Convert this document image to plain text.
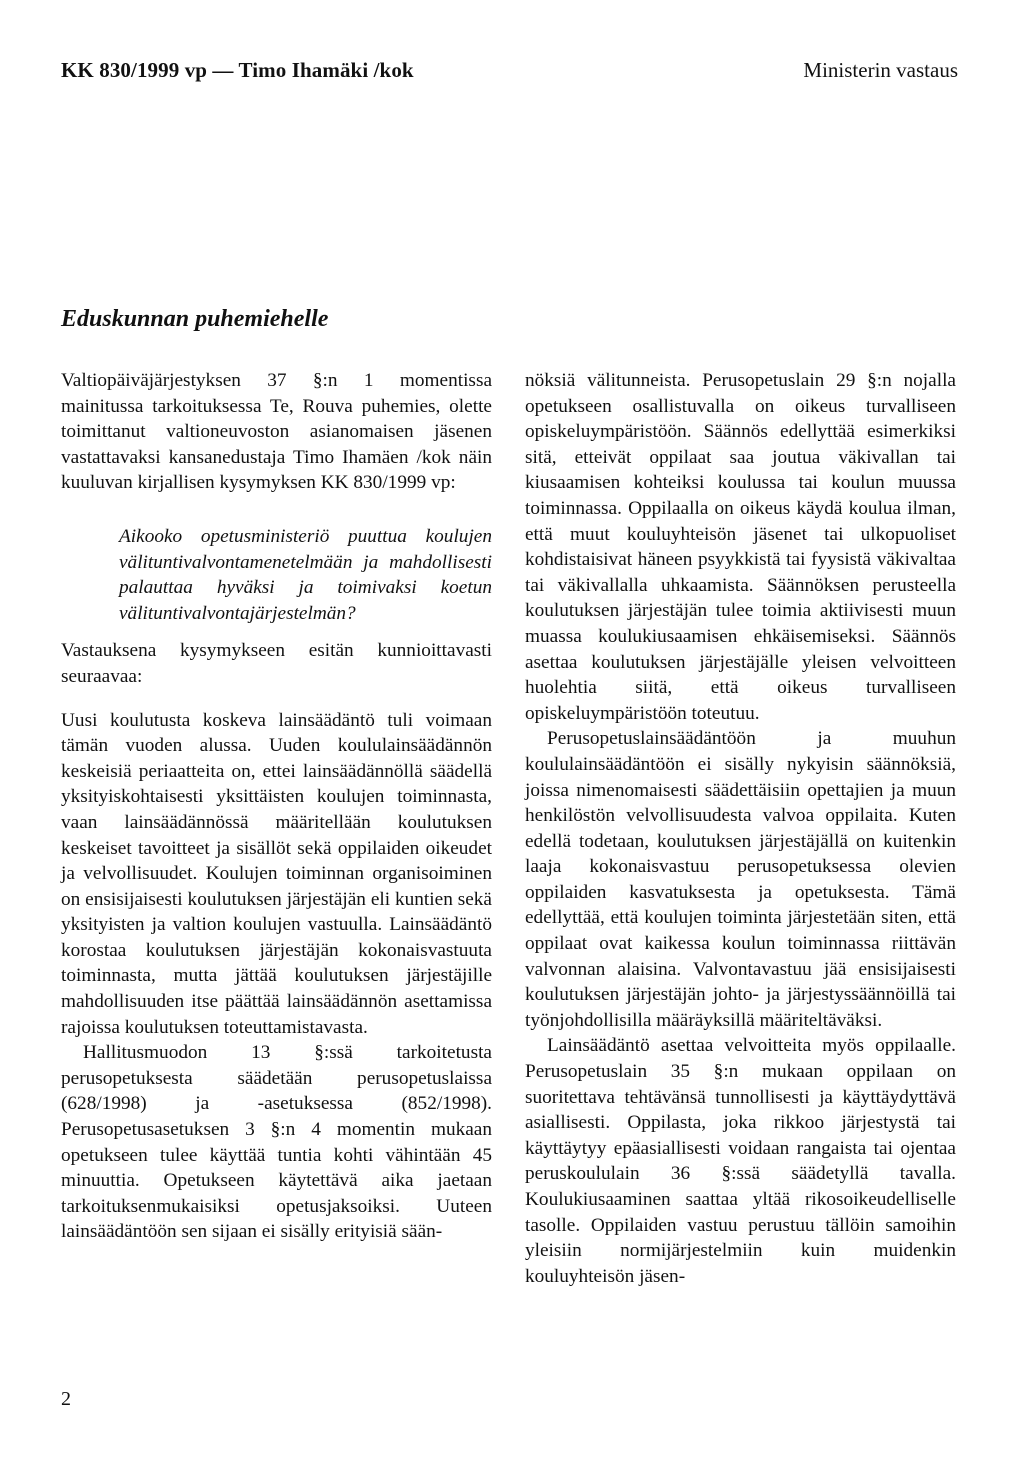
KK 830/1999 vp — Timo Ihamäki /kok	Ministerin vastaus
Eduskunnan puhemiehelle

Valtiopäiväjärjestyksen 37 §:n 1 momentissa mainitussa tarkoituksessa Te, Rouva puhemies, olette toimittanut valtioneuvoston asianomaisen jäsenen vastattavaksi kansanedustaja Timo Ihamäen /kok näin kuuluvan kirjallisen kysymyksen KK 830/1999 vp:

Aikooko opetusministeriö puuttua koulujen välituntivalvontamenetelmään ja mahdollisesti palauttaa hyväksi ja toimivaksi koetun välituntivalvontajärjestelmän?

Vastauksena kysymykseen esitän kunnioittavasti seuraavaa:

Uusi koulutusta koskeva lainsäädäntö tuli voimaan tämän vuoden alussa. Uuden koululainsäädännön keskeisiä periaatteita on, ettei lainsäädännöllä säädellä yksityiskohtaisesti yksittäisten koulujen toiminnasta, vaan lainsäädännössä määritellään koulutuksen keskeiset tavoitteet ja sisällöt sekä oppilaiden oikeudet ja velvollisuudet. Koulujen toiminnan organisoiminen on ensisijaisesti koulutuksen järjestäjän eli kuntien sekä yksityisten ja valtion koulujen vastuulla. Lainsäädäntö korostaa koulutuksen järjestäjän kokonaisvastuuta toiminnasta, mutta jättää koulutuksen järjestäjille mahdollisuuden itse päättää lainsäädännön asettamissa rajoissa koulutuksen toteuttamistavasta.

Hallitusmuodon 13 §:ssä tarkoitetusta perusopetuksesta säädetään perusopetuslaissa (628/1998) ja -asetuksessa (852/1998). Perusopetusasetuksen 3 §:n 4 momentin mukaan opetukseen tulee käyttää tuntia kohti vähintään 45 minuuttia. Opetukseen käytettävä aika jaetaan tarkoituksenmukaisiksi opetusjaksoiksi. Uuteen lainsäädäntöön sen sijaan ei sisälly erityisiä sään-

nöksiä välitunneista. Perusopetuslain 29 §:n nojalla opetukseen osallistuvalla on oikeus turvalliseen opiskeluympäristöön. Säännös edellyttää esimerkiksi sitä, etteivät oppilaat saa joutua väkivallan tai kiusaamisen kohteiksi koulussa tai koulun muussa toiminnassa. Oppilaalla on oikeus käydä koulua ilman, että muut kouluyhteisön jäsenet tai ulkopuoliset kohdistaisivat häneen psyykkistä tai fyysistä väkivaltaa tai väkivallalla uhkaamista. Säännöksen perusteella koulutuksen järjestäjän tulee toimia aktiivisesti muun muassa koulukiusaamisen ehkäisemiseksi. Säännös asettaa koulutuksen järjestäjälle yleisen velvoitteen huolehtia siitä, että oikeus turvalliseen opiskeluympäristöön toteutuu.

Perusopetuslainsäädäntöön ja muuhun koululainsäädäntöön ei sisälly nykyisin säännöksiä, joissa nimenomaisesti säädettäisiin opettajien ja muun henkilöstön velvollisuudesta valvoa oppilaita. Kuten edellä todetaan, koulutuksen järjestäjällä on kuitenkin laaja kokonaisvastuu perusopetuksessa olevien oppilaiden kasvatuksesta ja opetuksesta. Tämä edellyttää, että koulujen toiminta järjestetään siten, että oppilaat ovat kaikessa koulun toiminnassa riittävän valvonnan alaisina. Valvontavastuu jää ensisijaisesti koulutuksen järjestäjän johto- ja järjestyssäännöillä tai työnjohdollisilla määräyksillä määriteltäväksi.

Lainsäädäntö asettaa velvoitteita myös oppilaalle. Perusopetuslain 35 §:n mukaan oppilaan on suoritettava tehtävänsä tunnollisesti ja käyttäydyttävä asiallisesti. Oppilasta, joka rikkoo järjestystä tai käyttäytyy epäasiallisesti voidaan rangaista tai ojentaa peruskoululain 36 §:ssä säädetyllä tavalla. Koulukiusaaminen saattaa yltää rikosoikeudelliselle tasolle. Oppilaiden vastuu perustuu tällöin samoihin yleisiin normijärjestelmiin kuin muidenkin kouluyhteisön jäsen-

2
